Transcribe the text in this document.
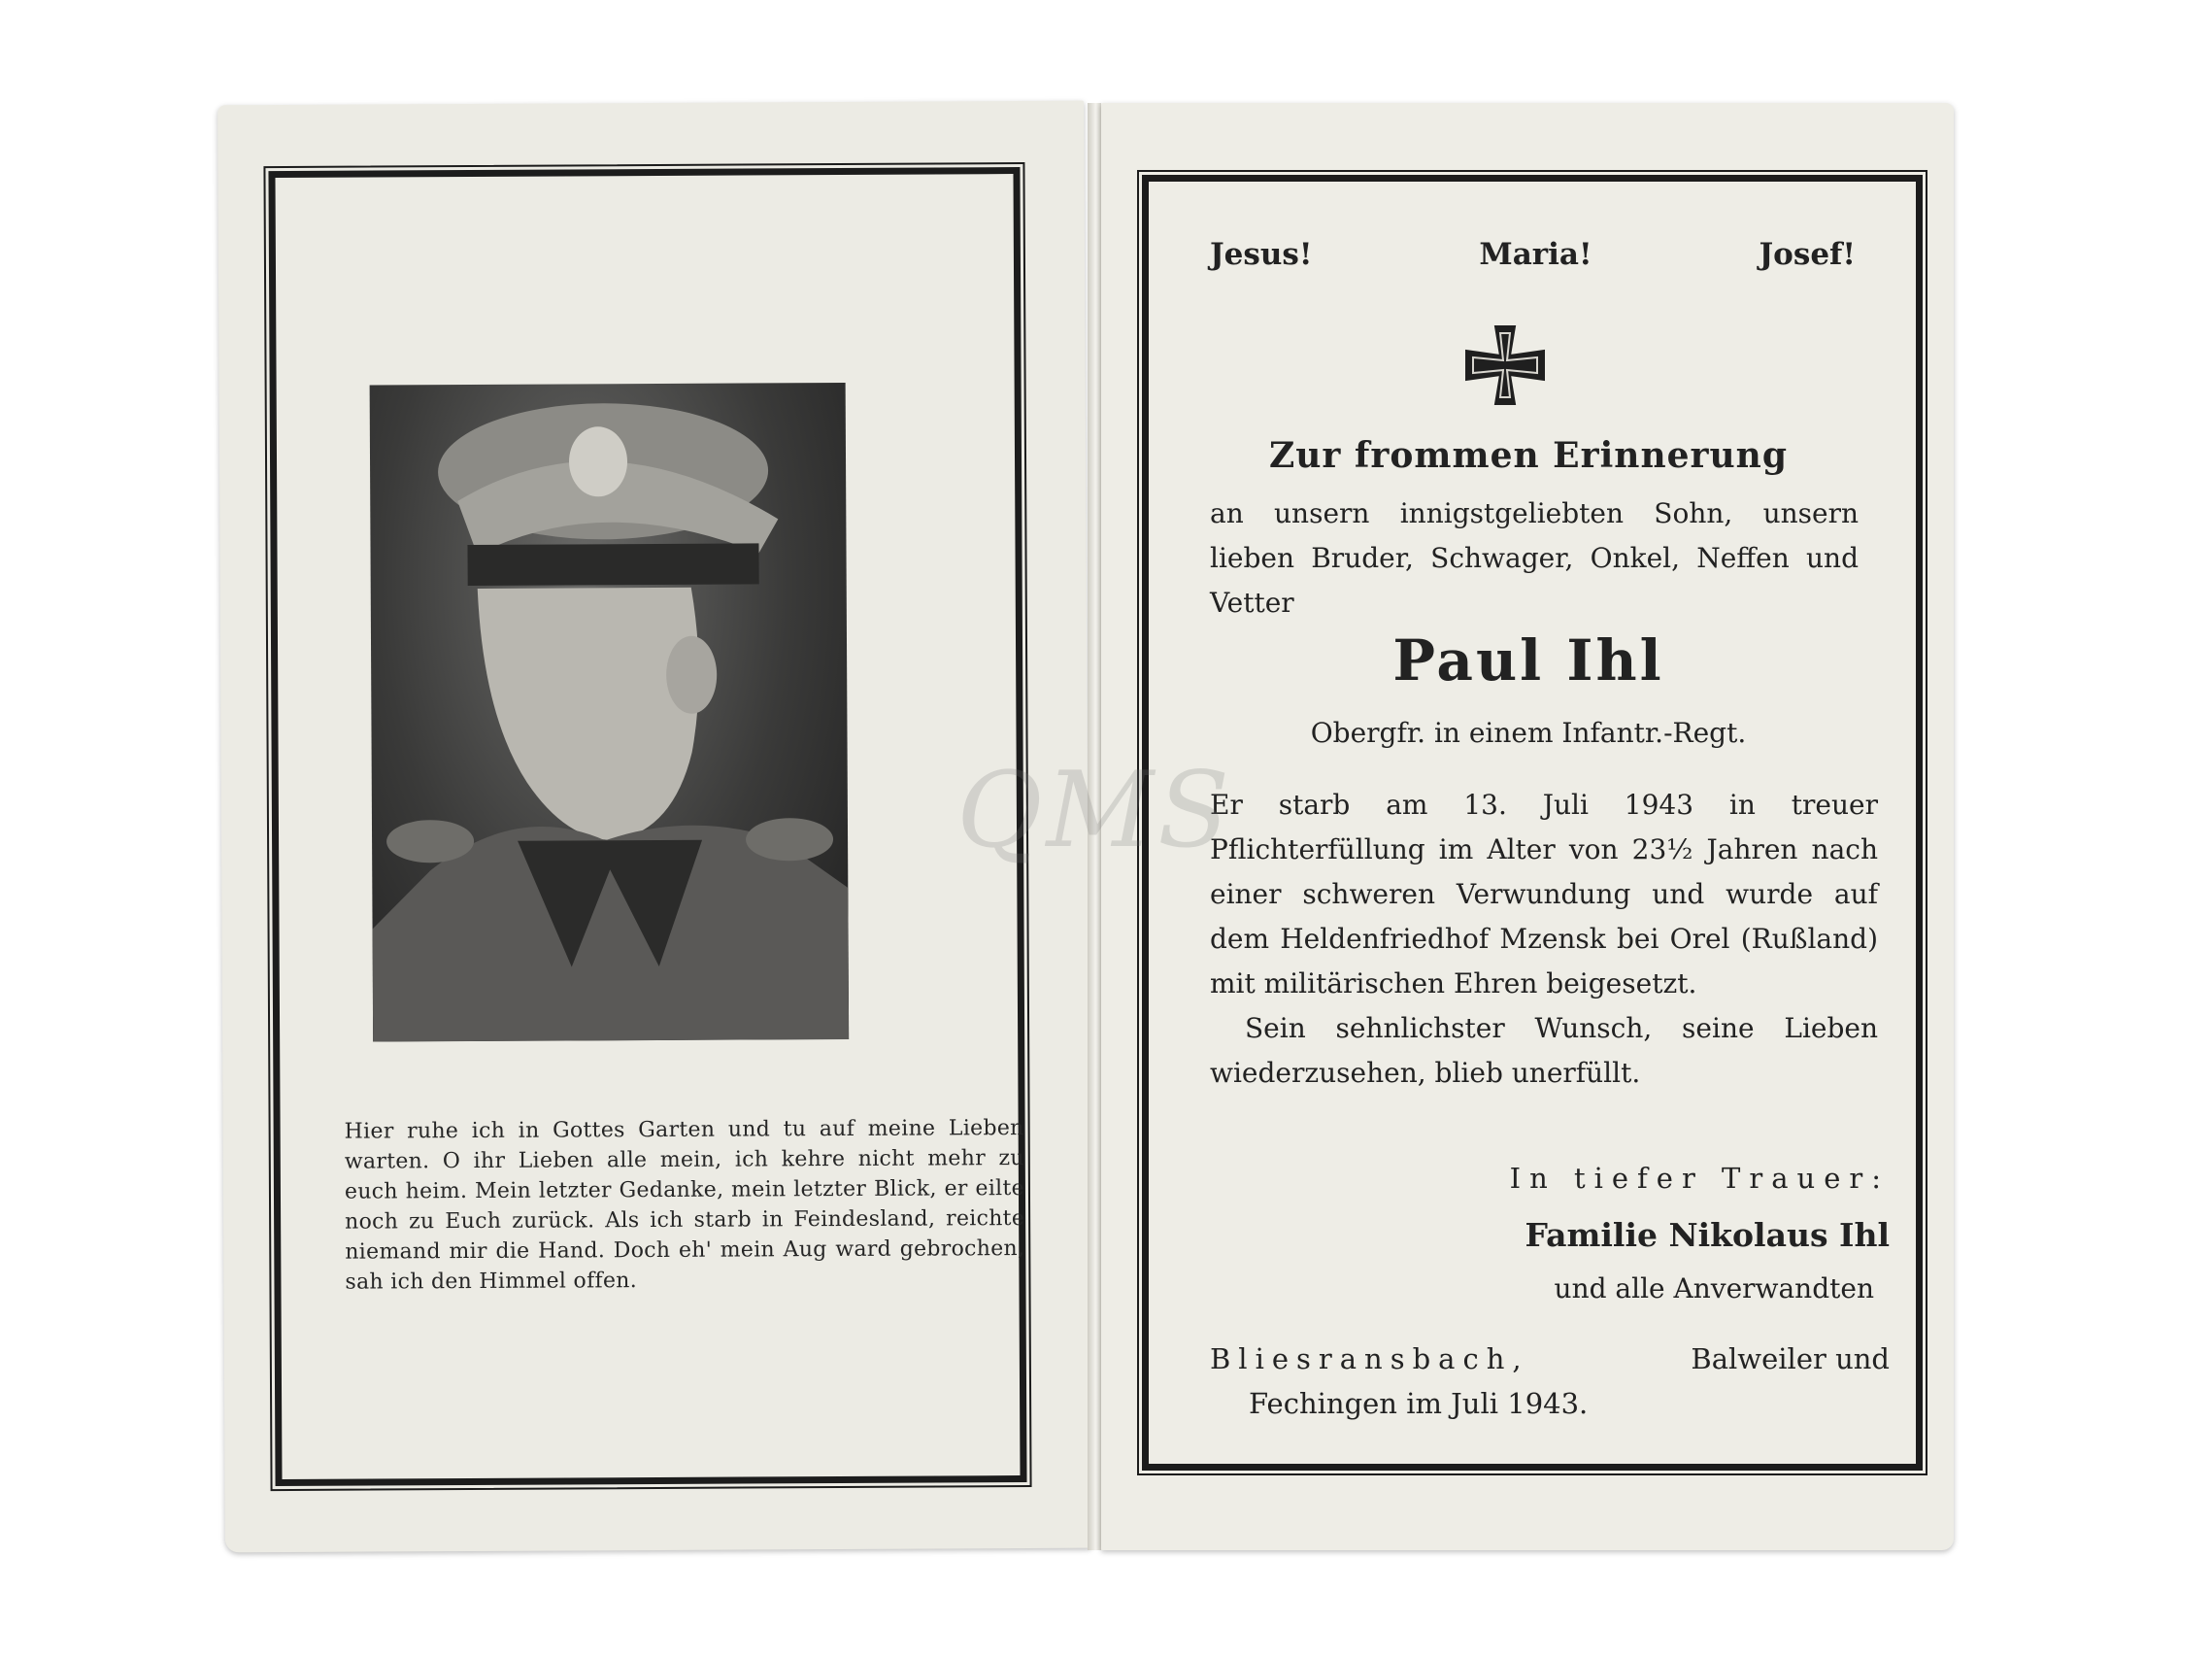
Hier ruhe ich in Gottes Garten und tu auf meine Lieben warten. O ihr Lieben alle mein, ich kehre nicht mehr zu euch heim. Mein letzter Gedanke, mein letzter Blick, er eilte noch zu Euch zurück. Als ich starb in Feindesland, reichte niemand mir die Hand. Doch eh' mein Aug ward gebrochen, sah ich den Himmel offen.
Jesus!	Maria!	Josef!
Zur frommen Erinnerung
an unsern innigstgeliebten Sohn, unsern lieben Bruder, Schwager, Onkel, Neffen und Vetter
Paul Ihl
Obergfr. in einem Infantr.-Regt.

Er starb am 13. Juli 1943 in treuer Pflichterfüllung im Alter von 23½ Jahren nach einer schweren Verwundung und wurde auf dem Heldenfriedhof Mzensk bei Orel (Rußland) mit militärischen Ehren beigesetzt.

Sein sehnlichster Wunsch, seine Lieben wiederzusehen, blieb unerfüllt.

In tiefer Trauer:
Familie Nikolaus Ihl
und alle Anverwandten
Bliesransbach,	Balweiler und

Fechingen im Juli 1943.
QMS
